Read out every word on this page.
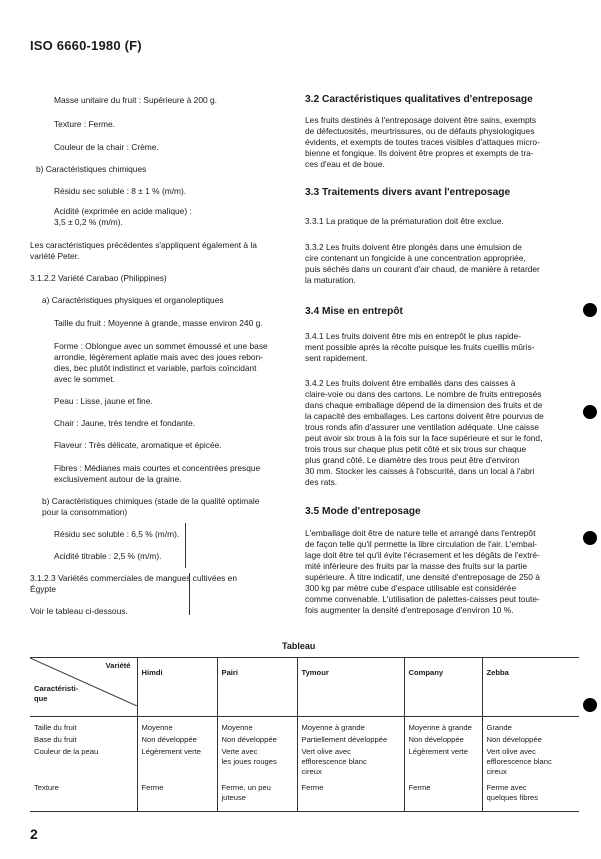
ISO 6660-1980 (F)
Masse unitaire du fruit : Supérieure à 200 g.
Texture : Ferme.
Couleur de la chair : Crème.
b) Caractéristiques chimiques
Résidu sec soluble : 8 ± 1 % (m/m).
Acidité (exprimée en acide malique) :
3,5 ± 0,2 % (m/m).
Les caractéristiques précédentes s'appliquent également à la
variété Peter.
3.1.2.2 Variété Carabao (Philippines)
a) Caractéristiques physiques et organoleptiques
Taille du fruit : Moyenne à grande, masse environ 240 g.
Forme : Oblongue avec un sommet émoussé et une base
arrondie, légèrement aplatie mais avec des joues rebon-
dies, bec plutôt indistinct et variable, parfois coïncidant
avec le sommet.
Peau : Lisse, jaune et fine.
Chair : Jaune, très tendre et fondante.
Flaveur : Très délicate, aromatique et épicée.
Fibres : Médianes mais courtes et concentrées presque
exclusivement autour de la graine.
b) Caractéristiques chimiques (stade de la qualité optimale
pour la consommation)
Résidu sec soluble : 6,5 % (m/m).
Acidité titrable : 2,5 % (m/m).
3.1.2.3 Variétés commerciales de mangues cultivées en
Égypte
Voir le tableau ci-dessous.
3.2 Caractéristiques qualitatives d'entreposage
Les fruits destinés à l'entreposage doivent être sains, exempts
de défectuosités, meurtrissures, ou de défauts physiologiques
évidents, et exempts de toutes traces visibles d'attaques micro-
bienne et fongique. Ils doivent être propres et exempts de tra-
ces d'eau et de boue.
3.3 Traitements divers avant l'entreposage
3.3.1 La pratique de la prématuration doit être exclue.
3.3.2 Les fruits doivent être plongés dans une émulsion de
cire contenant un fongicide à une concentration appropriée,
puis séchés dans un courant d'air chaud, de manière à retarder
la maturation.
3.4 Mise en entrepôt
3.4.1 Les fruits doivent être mis en entrepôt le plus rapide-
ment possible après la récolte puisque les fruits cueillis mûris-
sent rapidement.
3.4.2 Les fruits doivent être emballés dans des caisses à
claire-voie ou dans des cartons. Le nombre de fruits entreposés
dans chaque emballage dépend de la dimension des fruits et de
la capacité des emballages. Les cartons doivent être pourvus de
trous ronds afin d'assurer une ventilation adéquate. Une caisse
peut avoir six trous à la fois sur la face supérieure et sur le fond,
trois trous sur chaque plus petit côté et six trous sur chaque
plus grand côté. Le diamètre des trous peut être d'environ
30 mm. Stocker les caisses à l'obscurité, dans un local à l'abri
des rats.
3.5 Mode d'entreposage
L'emballage doit être de nature telle et arrangé dans l'entrepôt
de façon telle qu'il permette la libre circulation de l'air. L'embal-
lage doit être tel qu'il évite l'écrasement et les dégâts de l'extré-
mité inférieure des fruits par la masse des fruits sur la partie
supérieure. À titre indicatif, une densité d'entreposage de 250 à
300 kg par mètre cube d'espace utilisable est considérée
comme convenable. L'utilisation de palettes-caisses peut toute-
fois augmenter la densité d'entreposage d'environ 10 %.
Tableau
Variété
Caractéristi-
que	Himdi	Pairi	Tymour	Company	Zebba
Taille du fruit	Moyenne	Moyenne	Moyenne à grande	Moyenne à grande	Grande
Base du fruit	Non développée	Non développée	Partiellement développée	Non développée	Non développée
Couleur de la peau	Légèrement verte	Verte avec
les joues rouges	Vert olive avec
efflorescence blanc
cireux	Légèrement verte	Vert olive avec
efflorescence blanc
cireux
Texture	Ferme	Ferme, un peu
juteuse	Ferme	Ferme	Ferme avec
quelques fibres
2
